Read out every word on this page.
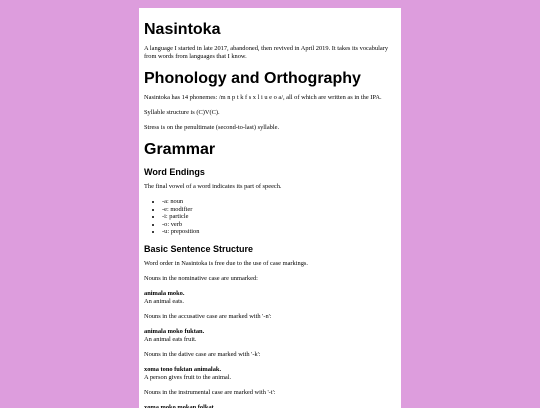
Nasintoka

A language I started in late 2017, abandoned, then revived in April 2019. It takes its vocabulary from words from languages that I know.

Phonology and Orthography

Nasintoka has 14 phonemes: /m n p t k f s x l i u e o a/, all of which are written as in the IPA.

Syllable structure is (C)V(C).

Stress is on the penultimate (second-to-last) syllable.

Grammar
Word Endings

The final vowel of a word indicates its part of speech.

• -a: noun
• -e: modifier
• -i: particle
• -o: verb
• -u: preposition
Basic Sentence Structure

Word order in Nasintoka is free due to the use of case markings.

Nouns in the nominative case are unmarked:

animala moko.
An animal eats.

Nouns in the accusative case are marked with '-n':

animala moko fuktan.
An animal eats fruit.

Nouns in the dative case are marked with '-k':

xoma tono fuktan animalak.
A person gives fruit to the animal.

Nouns in the instrumental case are marked with '-t':

xoma moko mokan folkat.
